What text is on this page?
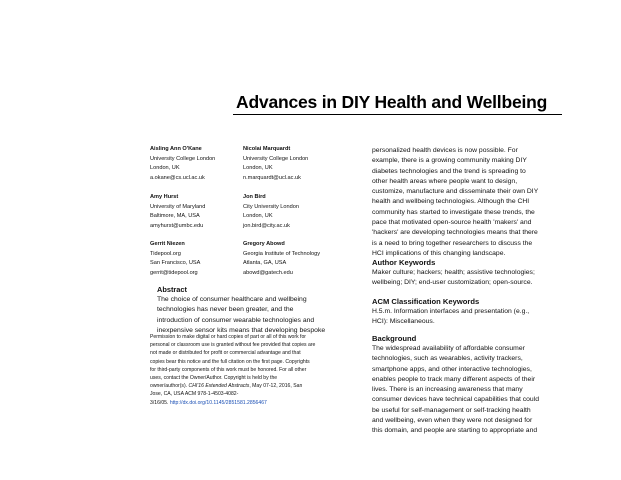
Advances in DIY Health and Wellbeing
Aisling Ann O'Kane
University College London
London, UK
a.okane@cs.ucl.ac.uk
Nicolai Marquardt
University College London
London, UK
n.marquardt@ucl.ac.uk
Amy Hurst
University of Maryland
Baltimore, MA, USA
amyhurst@umbc.edu
Jon Bird
City University London
London, UK
jon.bird@city.ac.uk
Gerrit Niezen
Tidepool.org
San Francisco, USA
gerrit@tidepool.org
Gregory Abowd
Georgia Institute of Technology
Atlanta, GA, USA
abowd@gatech.edu
Abstract
The choice of consumer healthcare and wellbeing
technologies has never been greater, and the
introduction of consumer wearable technologies and
inexpensive sensor kits means that developing bespoke
Permission to make digital or hard copies of part or all of this work for
personal or classroom use is granted without fee provided that copies are
not made or distributed for profit or commercial advantage and that
copies bear this notice and the full citation on the first page. Copyrights
for third-party components of this work must be honored. For all other
uses, contact the Owner/Author. Copyright is held by the
owner/author(s). CHI'16 Extended Abstracts, May 07-12, 2016, San
Jose, CA, USA ACM 978-1-4503-4082-
3/16/05. http://dx.doi.org/10.1145/2851581.2856467
personalized health devices is now possible. For
example, there is a growing community making DIY
diabetes technologies and the trend is spreading to
other health areas where people want to design,
customize, manufacture and disseminate their own DIY
health and wellbeing technologies. Although the CHI
community has started to investigate these trends, the
pace that motivated open-source health 'makers' and
'hackers' are developing technologies means that there
is a need to bring together researchers to discuss the
HCI implications of this changing landscape.
Author Keywords
Maker culture; hackers; health; assistive technologies;
wellbeing; DIY; end-user customization; open-source.
ACM Classification Keywords
H.5.m. Information interfaces and presentation (e.g.,
HCI): Miscellaneous.
Background
The widespread availability of affordable consumer
technologies, such as wearables, activity trackers,
smartphone apps, and other interactive technologies,
enables people to track many different aspects of their
lives. There is an increasing awareness that many
consumer devices have technical capabilities that could
be useful for self-management or self-tracking health
and wellbeing, even when they were not designed for
this domain, and people are starting to appropriate and
